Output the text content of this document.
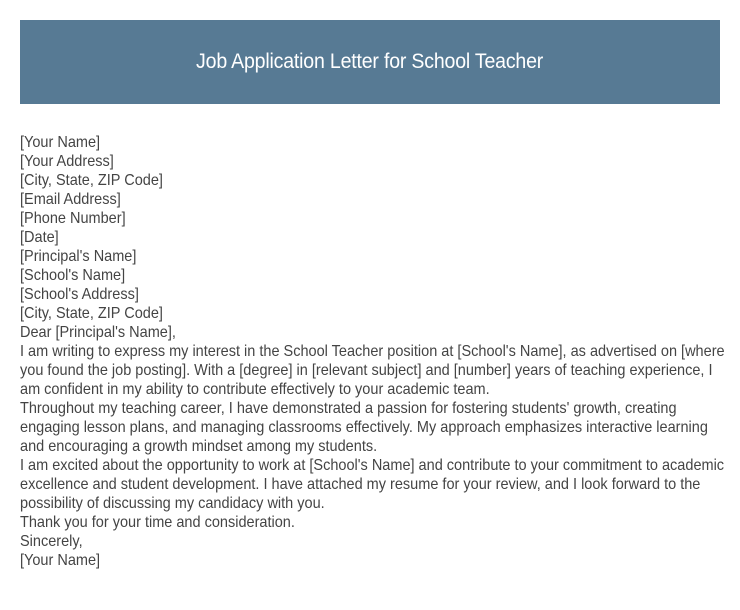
Job Application Letter for School Teacher
[Your Name]
[Your Address]
[City, State, ZIP Code]
[Email Address]
[Phone Number]
[Date]
[Principal's Name]
[School's Name]
[School's Address]
[City, State, ZIP Code]
Dear [Principal's Name],
I am writing to express my interest in the School Teacher position at [School's Name], as advertised on [where you found the job posting]. With a [degree] in [relevant subject] and [number] years of teaching experience, I am confident in my ability to contribute effectively to your academic team.
Throughout my teaching career, I have demonstrated a passion for fostering students' growth, creating engaging lesson plans, and managing classrooms effectively. My approach emphasizes interactive learning and encouraging a growth mindset among my students.
I am excited about the opportunity to work at [School's Name] and contribute to your commitment to academic excellence and student development. I have attached my resume for your review, and I look forward to the possibility of discussing my candidacy with you.
Thank you for your time and consideration.
Sincerely,
[Your Name]
